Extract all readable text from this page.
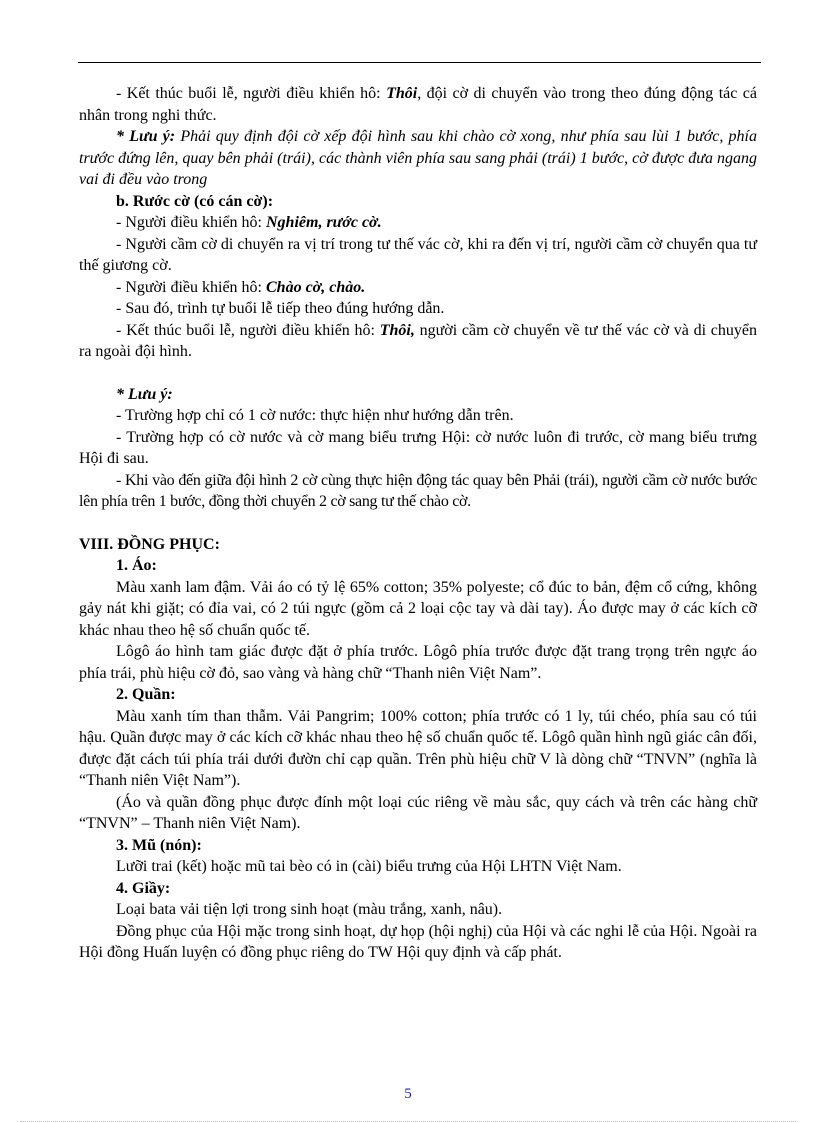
- Kết thúc buổi lễ, người điều khiển hô: Thôi, đội cờ di chuyển vào trong theo đúng động tác cá nhân trong nghi thức.

* Lưu ý: Phải quy định đội cờ xếp đội hình sau khi chào cờ xong, như phía sau lùi 1 bước, phía trước đứng lên, quay bên phải (trái), các thành viên phía sau sang phải (trái) 1 bước, cờ được đưa ngang vai đi đều vào trong

b. Rước cờ (có cán cờ):

- Người điều khiển hô: Nghiêm, rước cờ.

- Người cầm cờ di chuyển ra vị trí trong tư thế vác cờ, khi ra đến vị trí, người cầm cờ chuyển qua tư thế giương cờ.

- Người điều khiển hô: Chào cờ, chào.

- Sau đó, trình tự buổi lễ tiếp theo đúng hướng dẫn.

- Kết thúc buổi lễ, người điều khiển hô: Thôi, người cầm cờ chuyển về tư thế vác cờ và di chuyển ra ngoài đội hình.

* Lưu ý:

- Trường hợp chỉ có 1 cờ nước: thực hiện như hướng dẫn trên.

- Trường hợp có cờ nước và cờ mang biểu trưng Hội: cờ nước luôn đi trước, cờ mang biểu trưng Hội đi sau.

- Khi vào đến giữa đội hình 2 cờ cùng thực hiện động tác quay bên Phải (trái), người cầm cờ nước bước lên phía trên 1 bước, đồng thời chuyển 2 cờ sang tư thế chào cờ.

VIII. ĐỒNG PHỤC:

1. Áo:

Màu xanh lam đậm. Vải áo có tỷ lệ 65% cotton; 35% polyeste; cổ đúc to bản, đệm cổ cứng, không gảy nát khi giặt; có đỉa vai, có 2 túi ngực (gồm cả 2 loại cộc tay và dài tay). Áo được may ở các kích cỡ khác nhau theo hệ số chuẩn quốc tế.

Lôgô áo hình tam giác được đặt ở phía trước. Lôgô phía trước được đặt trang trọng trên ngực áo phía trái, phù hiệu cờ đỏ, sao vàng và hàng chữ “Thanh niên Việt Nam”.

2. Quần:

Màu xanh tím than thẫm. Vải Pangrim; 100% cotton; phía trước có 1 ly, túi chéo, phía sau có túi hậu. Quần được may ở các kích cỡ khác nhau theo hệ số chuẩn quốc tế. Lôgô quần hình ngũ giác cân đối, được đặt cách túi phía trái dưới đườn chỉ cạp quần. Trên phù hiệu chữ V là dòng chữ “TNVN” (nghĩa là “Thanh niên Việt Nam”).

(Áo và quần đồng phục được đính một loại cúc riêng về màu sắc, quy cách và trên các hàng chữ “TNVN” – Thanh niên Việt Nam).

3. Mũ (nón):

Lưỡi trai (kết) hoặc mũ tai bèo có in (cài) biểu trưng của Hội LHTN Việt Nam.

4. Giầy:

Loại bata vải tiện lợi trong sinh hoạt (màu trắng, xanh, nâu).

Đồng phục của Hội mặc trong sinh hoạt, dự họp (hội nghị) của Hội và các nghi lễ của Hội. Ngoài ra Hội đồng Huấn luyện có đồng phục riêng do TW Hội quy định và cấp phát.

5
